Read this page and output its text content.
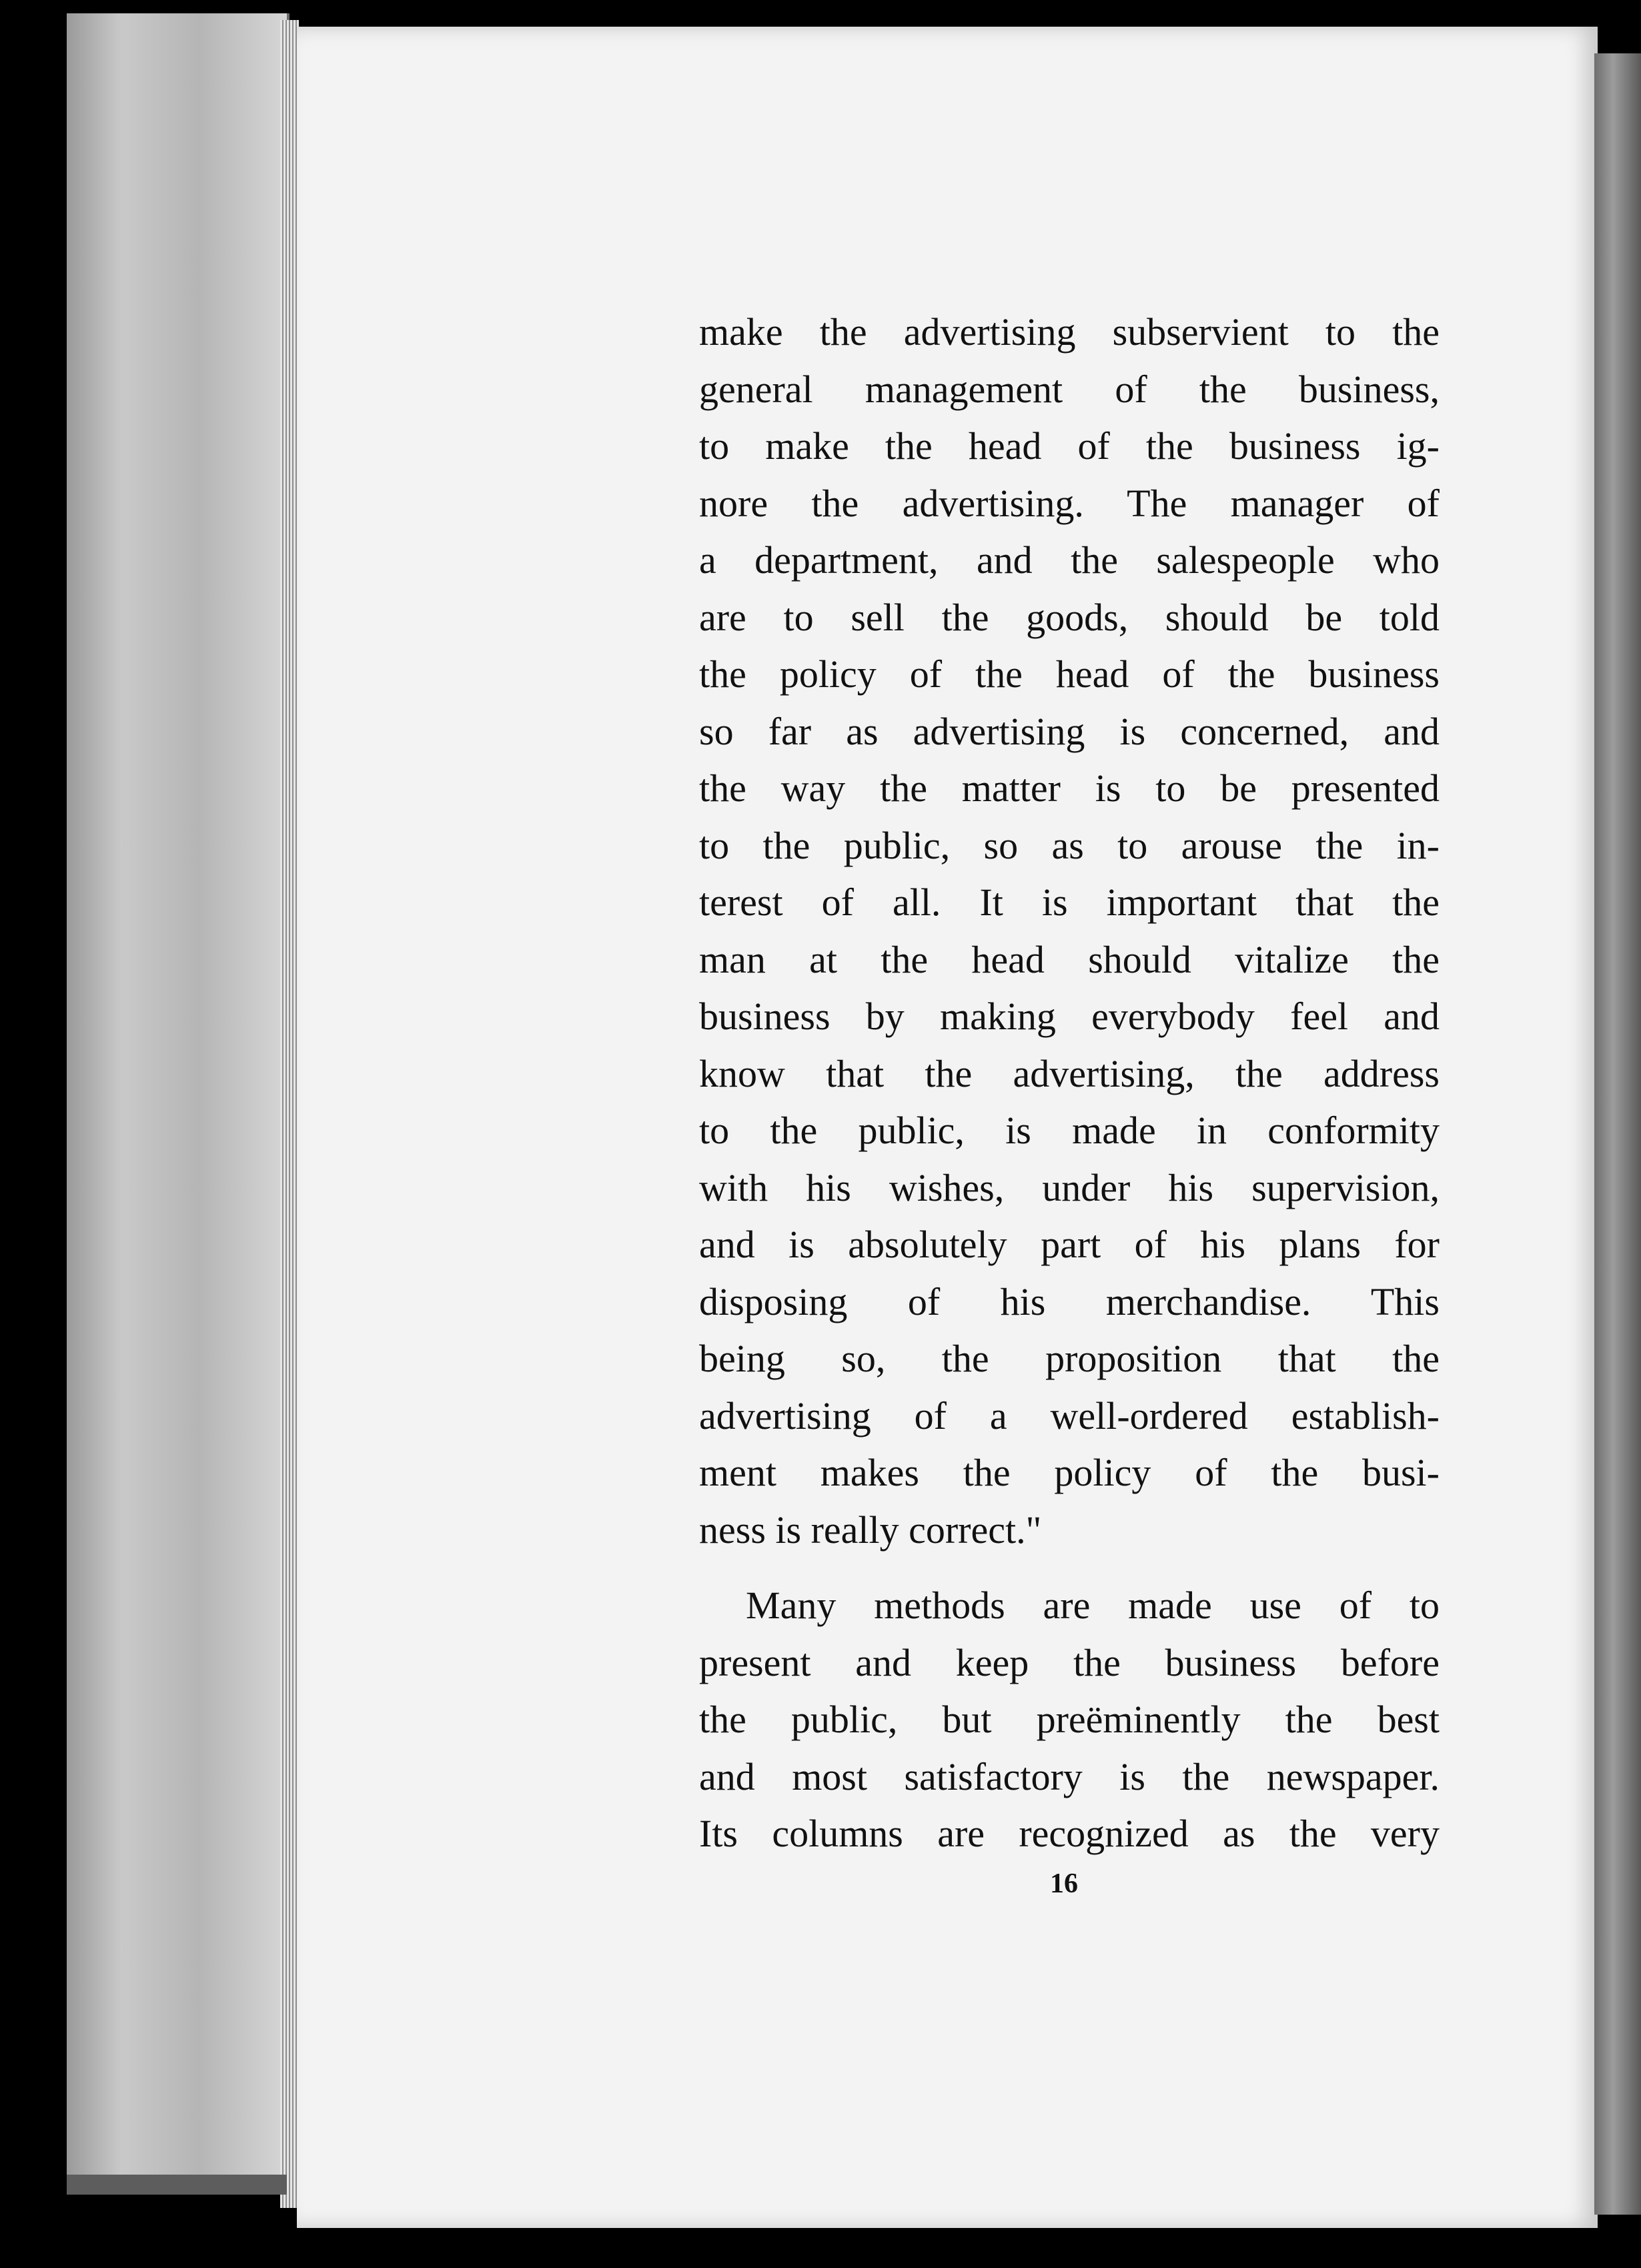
make the advertising subservient to the
general management of the business,
to make the head of the business ig-
nore the advertising. The manager of
a department, and the salespeople who
are to sell the goods, should be told
the policy of the head of the business
so far as advertising is concerned, and
the way the matter is to be presented
to the public, so as to arouse the in-
terest of all. It is important that the
man at the head should vitalize the
business by making everybody feel and
know that the advertising, the address
to the public, is made in conformity
with his wishes, under his supervision,
and is absolutely part of his plans for
disposing of his merchandise. This
being so, the proposition that the
advertising of a well-ordered establish-
ment makes the policy of the busi-
ness is really correct."
Many methods are made use of to
present and keep the business before
the public, but preëminently the best
and most satisfactory is the newspaper.
Its columns are recognized as the very
16
